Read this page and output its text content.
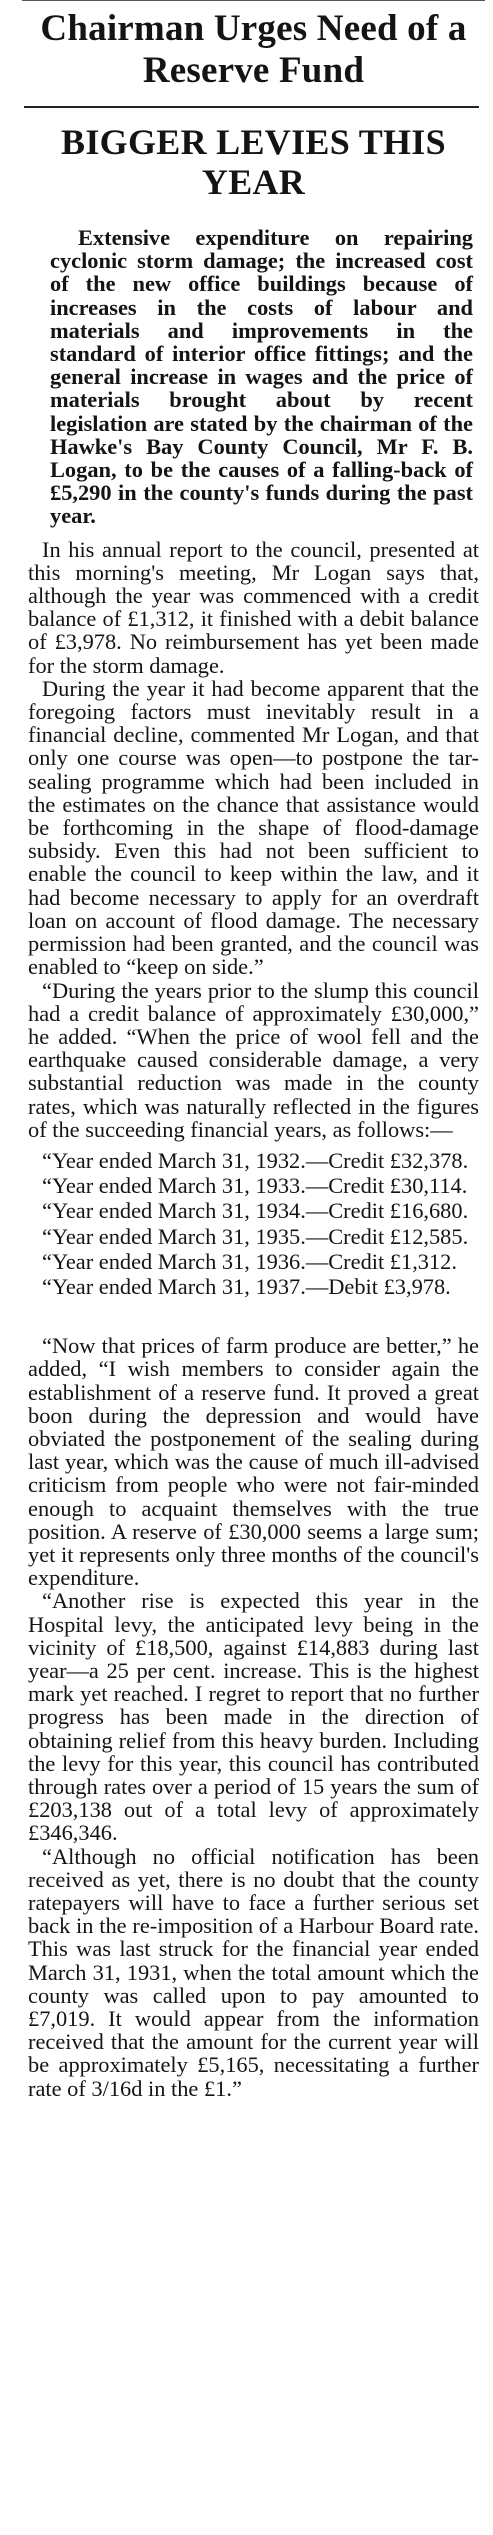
Chairman Urges Need of a Reserve Fund
BIGGER LEVIES THIS YEAR
Extensive expenditure on repairing cyclonic storm damage; the increased cost of the new office buildings because of increases in the costs of labour and materials and improvements in the standard of interior office fittings; and the general increase in wages and the price of materials brought about by recent legislation are stated by the chairman of the Hawke's Bay County Council, Mr F. B. Logan, to be the causes of a falling-back of £5,290 in the county's funds during the past year.

In his annual report to the council, presented at this morning's meeting, Mr Logan says that, although the year was commenced with a credit balance of £1,312, it finished with a debit balance of £3,978. No reimbursement has yet been made for the storm damage.

During the year it had become apparent that the foregoing factors must inevitably result in a financial decline, commented Mr Logan, and that only one course was open—to postpone the tar-sealing programme which had been included in the estimates on the chance that assistance would be forthcoming in the shape of flood-damage subsidy. Even this had not been sufficient to enable the council to keep within the law, and it had become necessary to apply for an overdraft loan on account of flood damage. The necessary permission had been granted, and the council was enabled to “keep on side.”

“During the years prior to the slump this council had a credit balance of approximately £30,000,” he added. “When the price of wool fell and the earthquake caused considerable damage, a very substantial reduction was made in the county rates, which was naturally reflected in the figures of the succeeding financial years, as follows:—

“Year ended March 31, 1932.—Credit £32,378.
“Year ended March 31, 1933.—Credit £30,114.
“Year ended March 31, 1934.—Credit £16,680.
“Year ended March 31, 1935.—Credit £12,585.
“Year ended March 31, 1936.—Credit £1,312.
“Year ended March 31, 1937.—Debit £3,978.

“Now that prices of farm produce are better,” he added, “I wish members to consider again the establishment of a reserve fund. It proved a great boon during the depression and would have obviated the postponement of the sealing during last year, which was the cause of much ill-advised criticism from people who were not fair-minded enough to acquaint themselves with the true position. A reserve of £30,000 seems a large sum; yet it represents only three months of the council's expenditure.

“Another rise is expected this year in the Hospital levy, the anticipated levy being in the vicinity of £18,500, against £14,883 during last year—a 25 per cent. increase. This is the highest mark yet reached. I regret to report that no further progress has been made in the direction of obtaining relief from this heavy burden. Including the levy for this year, this council has contributed through rates over a period of 15 years the sum of £203,138 out of a total levy of approximately £346,346.

“Although no official notification has been received as yet, there is no doubt that the county ratepayers will have to face a further serious set back in the re-imposition of a Harbour Board rate. This was last struck for the financial year ended March 31, 1931, when the total amount which the county was called upon to pay amounted to £7,019. It would appear from the information received that the amount for the current year will be approximately £5,165, necessitating a further rate of 3/16d in the £1.”
